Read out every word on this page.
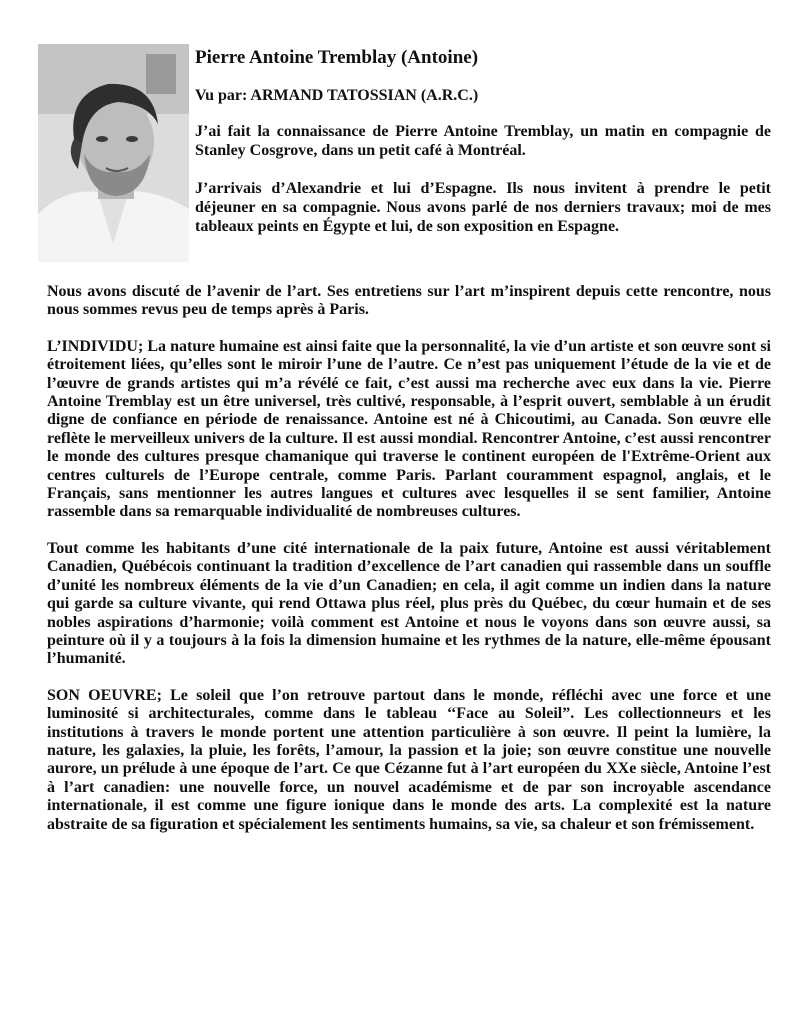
Pierre Antoine Tremblay (Antoine)
Vu par: ARMAND TATOSSIAN (A.R.C.)

J’ai fait la connaissance de Pierre Antoine Tremblay, un matin en compagnie de Stanley Cosgrove, dans un petit café à Montréal.

J’arrivais d’Alexandrie et lui d’Espagne. Ils nous invitent à prendre le petit déjeuner en sa compagnie. Nous avons parlé de nos derniers travaux; moi de mes tableaux peints en Égypte et lui, de son exposition en Espagne.

Nous avons discuté de l’avenir de l’art. Ses entretiens sur l’art m’inspirent depuis cette rencontre, nous nous sommes revus peu de temps après à Paris.

L’INDIVIDU; La nature humaine est ainsi faite que la personnalité, la vie d’un artiste et son œuvre sont si étroitement liées, qu’elles sont le miroir l’une de l’autre. Ce n’est pas uniquement l’étude de la vie et de l’œuvre de grands artistes qui m’a révélé ce fait, c’est aussi ma recherche avec eux dans la vie. Pierre Antoine Tremblay est un être universel, très cultivé, responsable, à l’esprit ouvert, semblable à un érudit digne de confiance en période de renaissance. Antoine est né à Chicoutimi, au Canada. Son œuvre elle reflète le merveilleux univers de la culture. Il est aussi mondial. Rencontrer Antoine, c’est aussi rencontrer le monde des cultures presque chamanique qui traverse le continent européen de l'Extrême-Orient aux centres culturels de l’Europe centrale, comme Paris. Parlant couramment espagnol, anglais, et le Français, sans mentionner les autres langues et cultures avec lesquelles il se sent familier, Antoine rassemble dans sa remarquable individualité de nombreuses cultures.

Tout comme les habitants d’une cité internationale de la paix future, Antoine est aussi véritablement Canadien, Québécois continuant la tradition d’excellence de l’art canadien qui rassemble dans un souffle d’unité les nombreux éléments de la vie d’un Canadien; en cela, il agit comme un indien dans la nature qui garde sa culture vivante, qui rend Ottawa plus réel, plus près du Québec, du cœur humain et de ses nobles aspirations d’harmonie; voilà comment est Antoine et nous le voyons dans son œuvre aussi, sa peinture où il y a toujours à la fois la dimension humaine et les rythmes de la nature, elle-même épousant l’humanité.

SON OEUVRE; Le soleil que l’on retrouve partout dans le monde, réfléchi avec une force et une luminosité si architecturales, comme dans le tableau ‘‘Face au Soleil”. Les collectionneurs et les institutions à travers le monde portent une attention particulière à son œuvre. Il peint la lumière, la nature, les galaxies, la pluie, les forêts, l’amour, la passion et la joie; son œuvre constitue une nouvelle aurore, un prélude à une époque de l’art. Ce que Cézanne fut à l’art européen du XXe siècle, Antoine l’est à l’art canadien: une nouvelle force, un nouvel académisme et de par son incroyable ascendance internationale, il est comme une figure ionique dans le monde des arts. La complexité est la nature abstraite de sa figuration et spécialement les sentiments humains, sa vie, sa chaleur et son frémissement.
